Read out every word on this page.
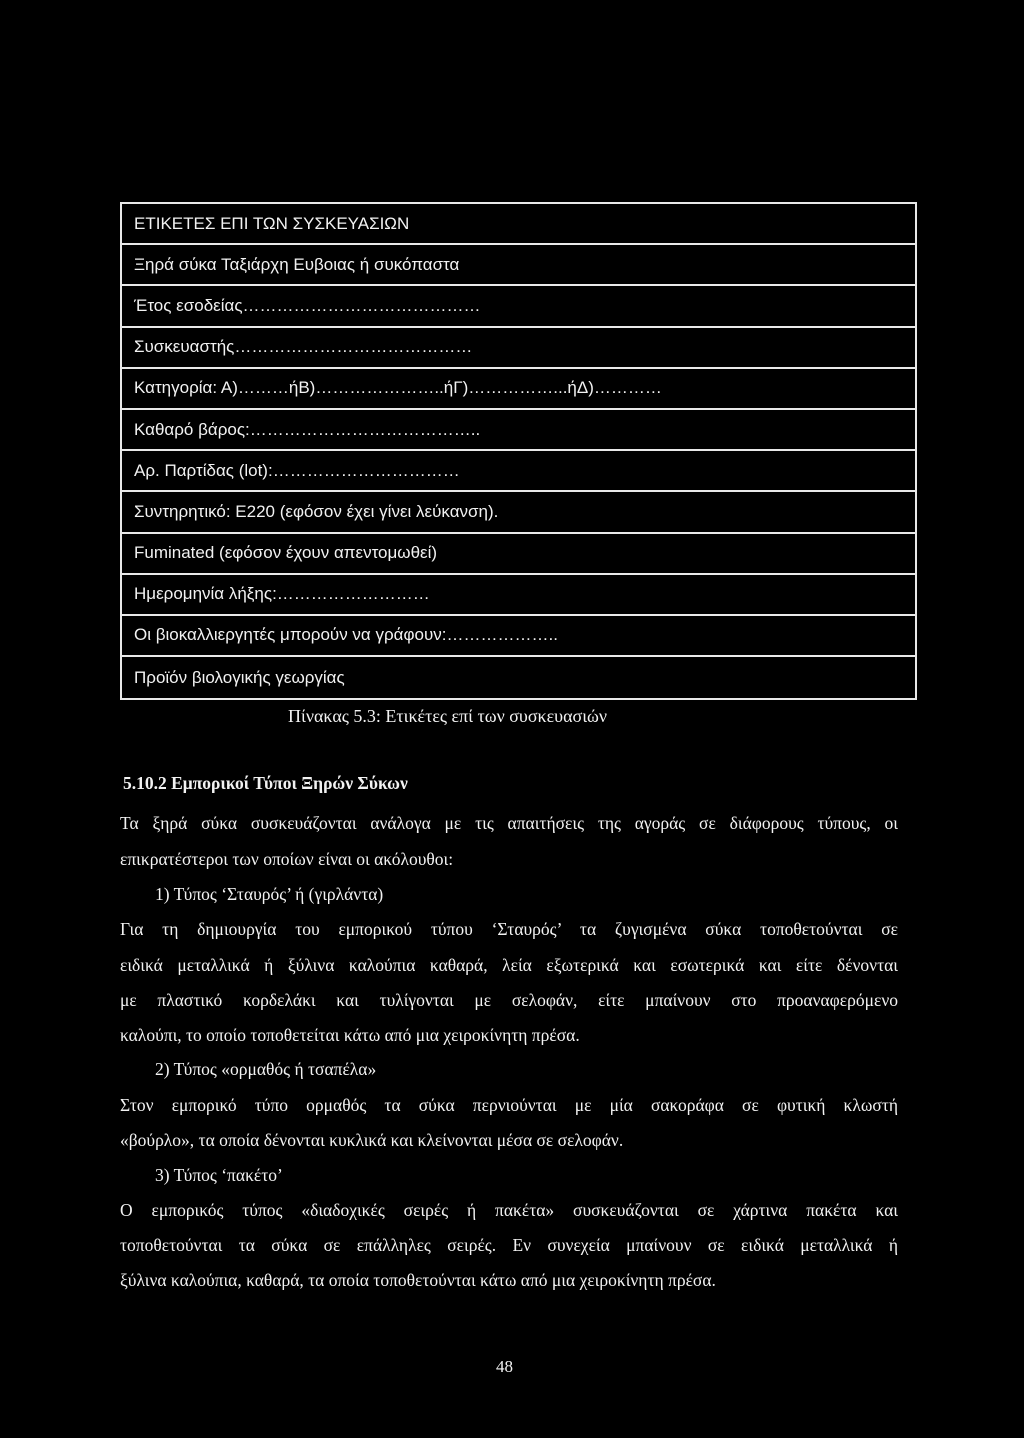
ΕΤΙΚΕΤΕΣ ΕΠΙ ΤΩΝ ΣΥΣΚΕΥΑΣΙΩΝ
Ξηρά σύκα Ταξιάρχη Ευβοιας ή συκόπαστα
Έτος εσοδείας……………………………………
Συσκευαστής……………………………………
Κατηγορία: Α)………ήΒ)…………………..ήΓ)……………...ήΔ)…………
Καθαρό βάρος:…………………………………..
Αρ. Παρτίδας (lot):……………………………
Συντηρητικό: Ε220 (εφόσον έχει γίνει λεύκανση).
Fuminated (εφόσον έχουν απεντομωθεί)
Ημερομηνία λήξης:………………………
Οι βιοκαλλιεργητές μπορούν να γράφουν:………………..
Προϊόν βιολογικής γεωργίας
Πίνακας 5.3: Ετικέτες επί των συσκευασιών
5.10.2 Εμπορικοί Τύποι Ξηρών Σύκων
Τα ξηρά σύκα συσκευάζονται ανάλογα με τις απαιτήσεις της αγοράς σε διάφορους τύπους, οι
επικρατέστεροι των οποίων είναι οι ακόλουθοι:
1) Τύπος ‘Σταυρός’ ή (γιρλάντα)
Για τη δημιουργία του εμπορικού τύπου ‘Σταυρός’ τα ζυγισμένα σύκα τοποθετούνται σε
ειδικά μεταλλικά ή ξύλινα καλούπια καθαρά, λεία εξωτερικά και εσωτερικά και είτε δένονται
με πλαστικό κορδελάκι και τυλίγονται με σελοφάν, είτε μπαίνουν στο προαναφερόμενο
καλούπι, το οποίο τοποθετείται κάτω από μια χειροκίνητη πρέσα.
2) Τύπος «ορμαθός ή τσαπέλα»
Στον εμπορικό τύπο ορμαθός τα σύκα περνιούνται με μία σακοράφα σε φυτική κλωστή
«βούρλο», τα οποία δένονται κυκλικά και κλείνονται μέσα σε σελοφάν.
3) Τύπος ‘πακέτο’
Ο εμπορικός τύπος «διαδοχικές σειρές ή πακέτα» συσκευάζονται σε χάρτινα πακέτα και
τοποθετούνται τα σύκα σε επάλληλες σειρές. Εν συνεχεία μπαίνουν σε ειδικά μεταλλικά ή
ξύλινα καλούπια, καθαρά, τα οποία τοποθετούνται κάτω από μια χειροκίνητη πρέσα.
48
